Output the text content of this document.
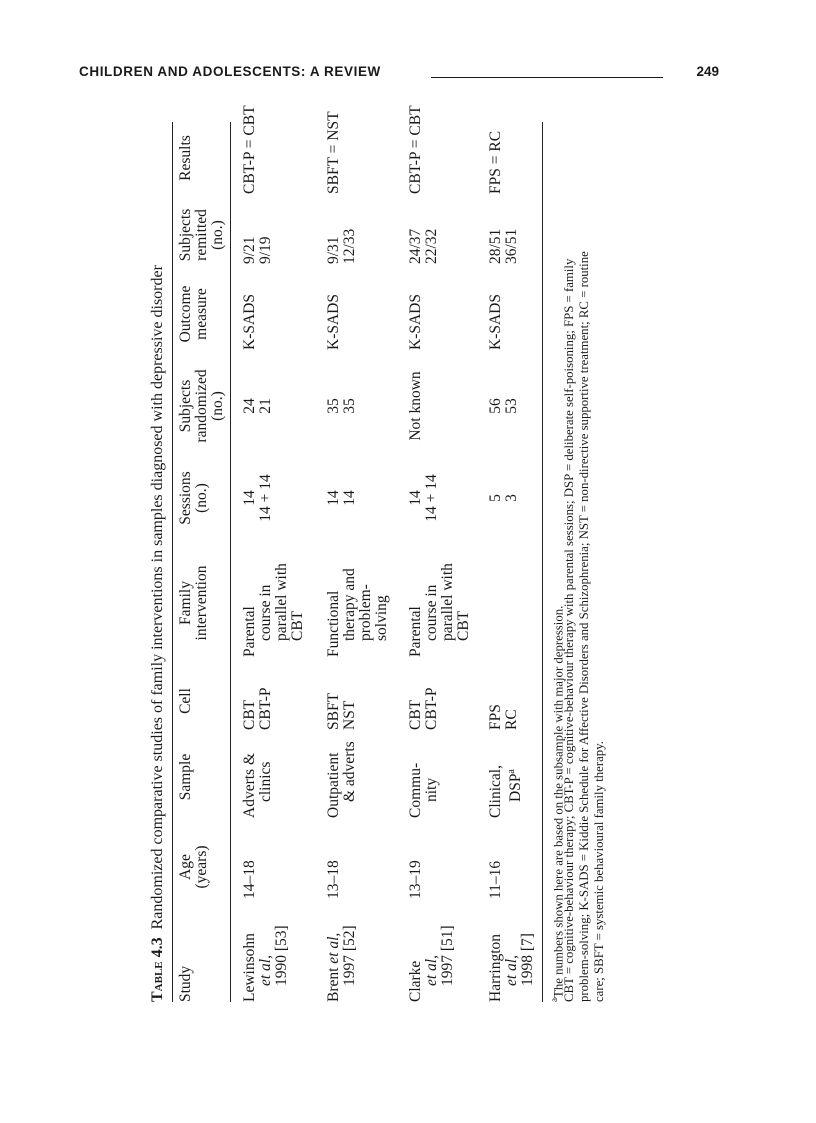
CHILDREN AND ADOLESCENTS: A REVIEW	249
Table 4.3Randomized comparative studies of family interventions in samples diagnosed with depressive disorder
Study
Age (years)
Sample
Cell
Family intervention
Sessions (no.)
Subjects randomized (no.)
Outcome measure
Subjects remitted (no.)
Results
Lewinsohn et al, 1990 [53]
14–18
Adverts & clinics
CBT CBT-P
Parental course in parallel with CBT
14 14 + 14
24 21
K-SADS
9/21 9/19
CBT-P = CBT
Brent et al, 1997 [52]
13–18
Outpatient & adverts
SBFT NST
Functional therapy and problem- solving
14 14
35 35
K-SADS
9/31 12/33
SBFT = NST
Clarke et al, 1997 [51]
13–19
Commu- nity
CBT CBT-P
Parental course in parallel with CBT
14 14 + 14
Not known
K-SADS
24/37 22/32
CBT-P = CBT
Harrington et al, 1998 [7]
11–16
Clinical, DSP$^a$
FPS RC
5 3
56 53
K-SADS
28/51 36/51
FPS = RC
$^a$The numbers shown here are based on the subsample with major depression.
CBT = cognitive-behaviour therapy; CBT-P = cognitive-behaviour therapy with parental sessions; DSP = deliberate self-poisoning; FPS = family problem-solving; K-SADS = Kiddie Schedule for Affective Disorders and Schizophrenia; NST = non-directive supportive treatment; RC = routine care; SBFT = systemic behavioural family therapy.
